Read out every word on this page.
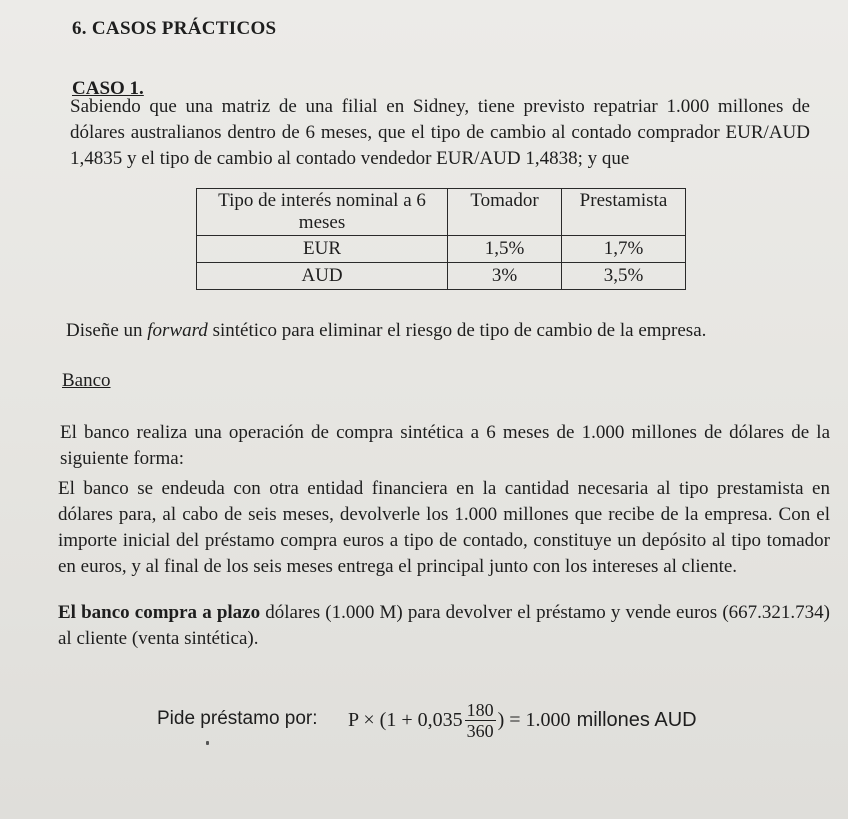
6. CASOS PRÁCTICOS
CASO 1.
Sabiendo que una matriz de una filial en Sidney, tiene previsto repatriar 1.000 millones de dólares australianos dentro de 6 meses, que el tipo de cambio al contado comprador EUR/AUD 1,4835 y el tipo de cambio al contado vendedor EUR/AUD 1,4838; y que
Tipo de interés nominal a 6 meses	Tomador	Prestamista
EUR	1,5%	1,7%
AUD	3%	3,5%
Diseñe un forward sintético para eliminar el riesgo de tipo de cambio de la empresa.
Banco
El banco realiza una operación de compra sintética a 6 meses de 1.000 millones de dólares de la siguiente forma:
El banco se endeuda con otra entidad financiera en la cantidad necesaria al tipo prestamista en dólares para, al cabo de seis meses, devolverle los 1.000 millones que recibe de la empresa. Con el importe inicial del préstamo compra euros a tipo de contado, constituye un depósito al tipo tomador en euros, y al final de los seis meses entrega el principal junto con los intereses al cliente.
El banco compra a plazo dólares (1.000 M) para devolver el préstamo y vende euros (667.321.734) al cliente (venta sintética).
Pide préstamo por: $P \times (1 + 0,035 \frac{180}{360}$ ) = 1.000 millones AUD
